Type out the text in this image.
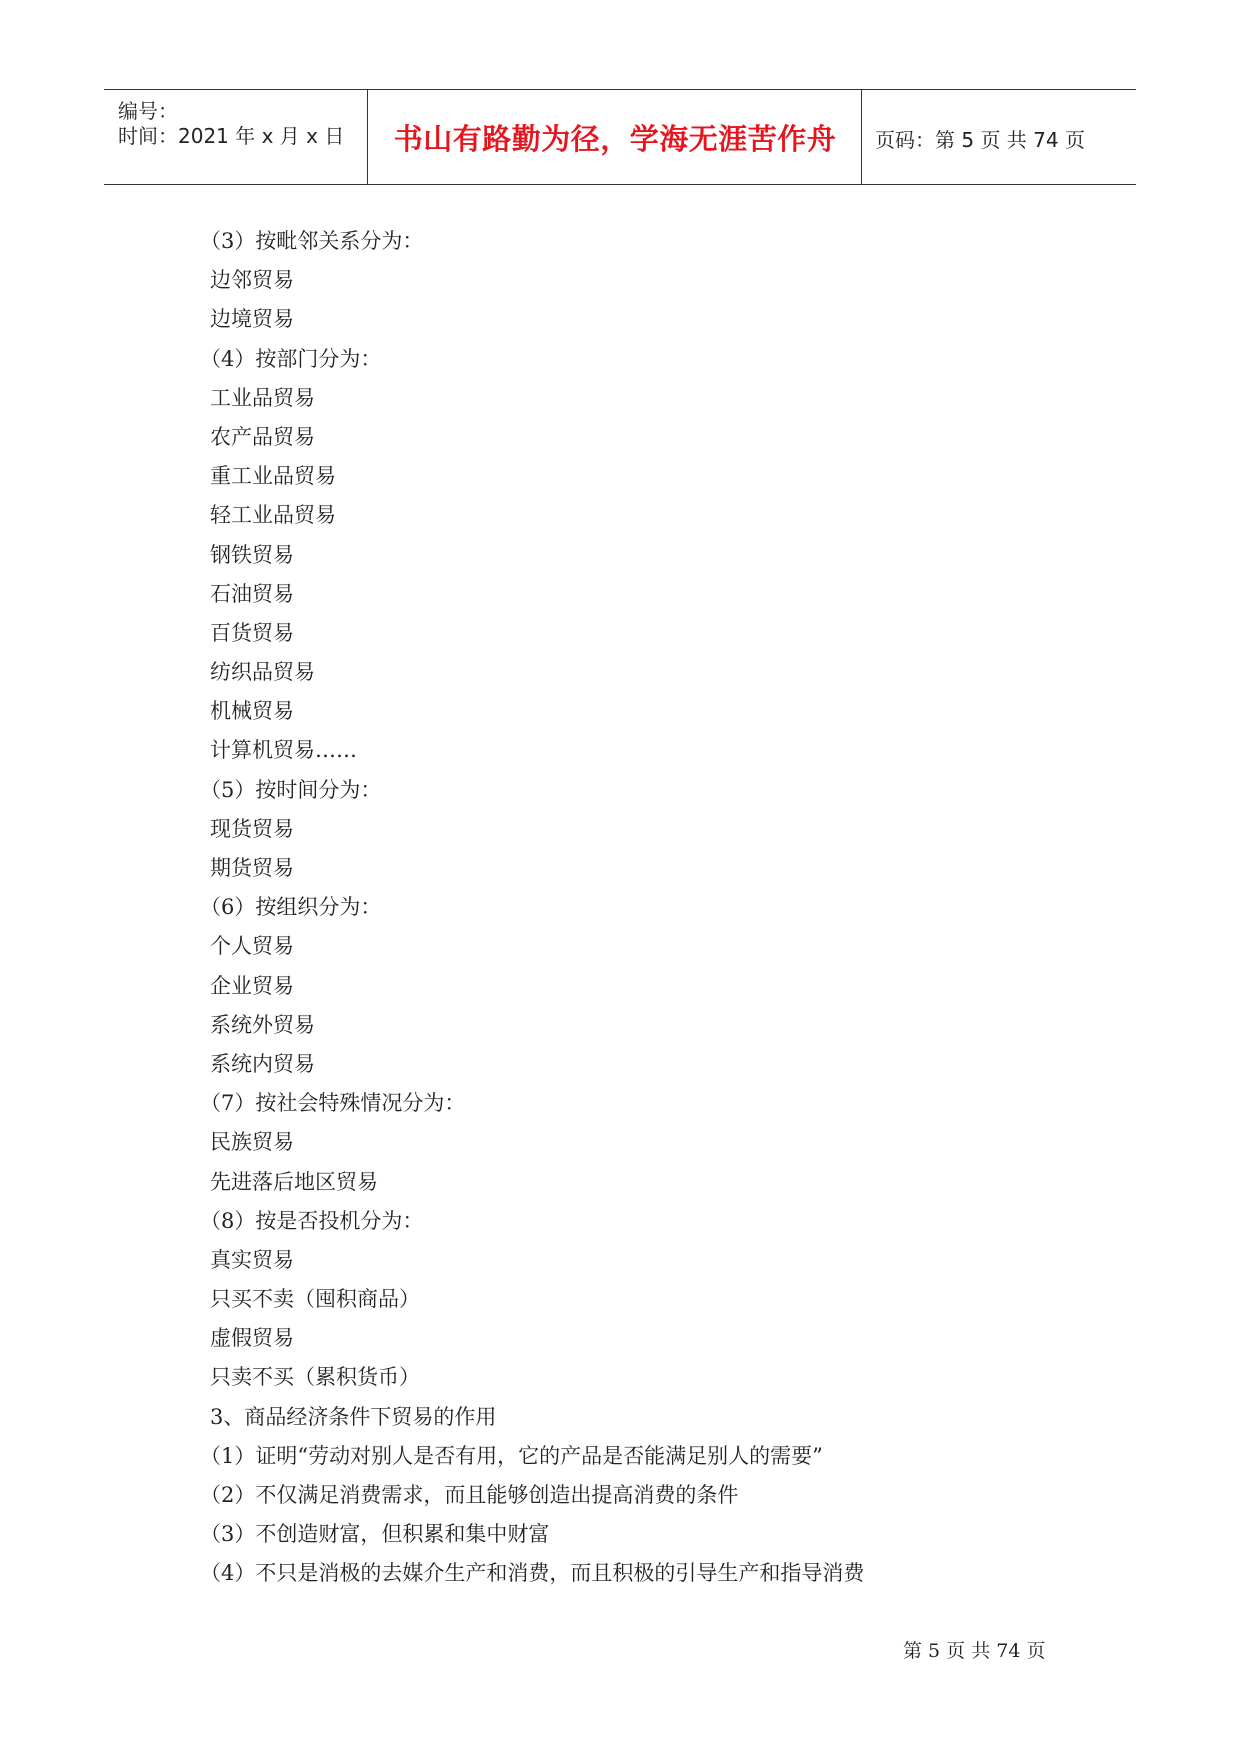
编号：
时间：2021 年 x 月 x 日	书山有路勤为径，学海无涯苦作舟	页码：第 5 页 共 74 页
（3）按毗邻关系分为：
边邻贸易
边境贸易
（4）按部门分为：
工业品贸易
农产品贸易
重工业品贸易
轻工业品贸易
钢铁贸易
石油贸易
百货贸易
纺织品贸易
机械贸易
计算机贸易……
（5）按时间分为：
现货贸易
期货贸易
（6）按组织分为：
个人贸易
企业贸易
系统外贸易
系统内贸易
（7）按社会特殊情况分为：
民族贸易
先进落后地区贸易
（8）按是否投机分为：
真实贸易
只买不卖（囤积商品）
虚假贸易
只卖不买（累积货币）
3、商品经济条件下贸易的作用
（1）证明“劳动对别人是否有用，它的产品是否能满足别人的需要”
（2）不仅满足消费需求，而且能够创造出提高消费的条件
（3）不创造财富，但积累和集中财富
（4）不只是消极的去媒介生产和消费，而且积极的引导生产和指导消费
第 5 页 共 74 页
